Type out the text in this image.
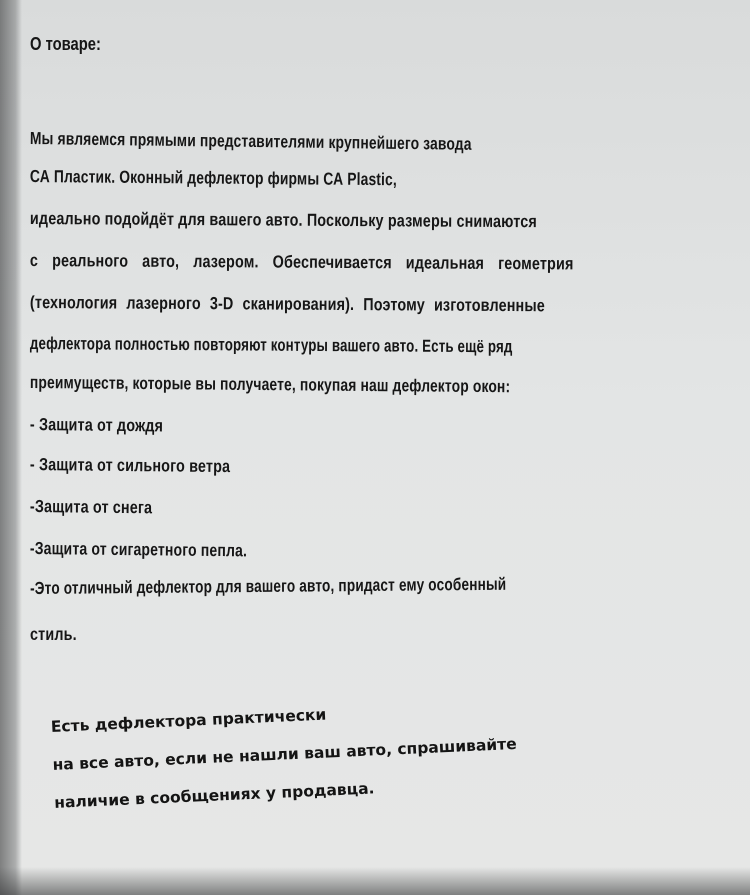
О товаре:
Мы являемся прямыми представителями крупнейшего завода
СА Пластик. Оконный дефлектор фирмы СА Plastic,
идеально подойдёт для вашего авто. Поскольку размеры снимаются
с реального авто, лазером. Обеспечивается идеальная геометрия
(технология лазерного 3-D сканирования). Поэтому изготовленные
дефлектора полностью повторяют контуры вашего авто. Есть ещё ряд
преимуществ, которые вы получаете, покупая наш дефлектор окон:
- Защита от дождя
- Защита от сильного ветра
-Защита от снега
-Защита от сигаретного пепла.
-Это отличный дефлектор для вашего авто, придаст ему особенный
стиль.
Есть дефлектора практически
на все авто, если не нашли ваш авто, спрашивайте
наличие в сообщениях у продавца.
